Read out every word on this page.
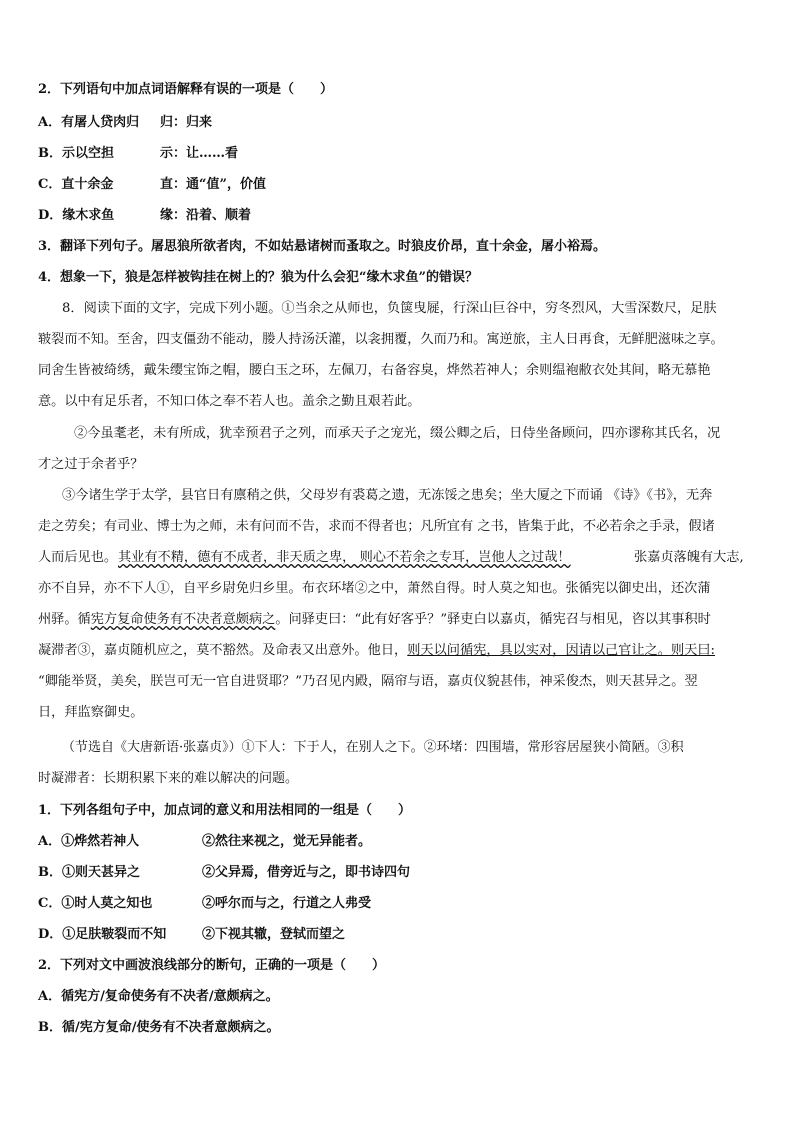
2．下列语句中加点词语解释有误的一项是（　　）
A．有屠人贷肉归 归：归来
B．示以空担	示：让……看
C．直十余金	直：通“值”，价值
D．缘木求鱼	缘：沿着、顺着
3．翻译下列句子。屠思狼所欲者肉，不如姑悬诸树而蚤取之。时狼皮价昂，直十余金，屠小裕焉。
4．想象一下，狼是怎样被钩挂在树上的？狼为什么会犯“缘木求鱼”的错误？
8．阅读下面的文字，完成下列小题。①当余之从师也，负箧曳屣，行深山巨谷中，穷冬烈风，大雪深数尺，足肤
皲裂而不知。至舍，四支僵劲不能动，媵人持汤沃灌，以衾拥覆，久而乃和。寓逆旅，主人日再食，无鲜肥滋味之享。
同舍生皆被绮绣，戴朱缨宝饰之帽，腰白玉之环，左佩刀，右备容臭，烨然若神人；余则缊袍敝衣处其间，略无慕艳
意。以中有足乐者，不知口体之奉不若人也。盖余之勤且艰若此。
②今虽耄老，未有所成，犹幸预君子之列，而承天子之宠光，缀公卿之后，日侍坐备顾问，四亦谬称其氏名，况
才之过于余者乎？
③今诸生学于太学，县官日有廪稍之供，父母岁有裘葛之遗，无冻馁之患矣；坐大厦之下而诵 《诗》《书》，无奔
走之劳矣；有司业、博士为之师，未有问而不告，求而不得者也；凡所宜有 之书，皆集于此，不必若余之手录，假诸
人而后见也。 其业有不精，德有不成者，非天质之卑， 则心不若余之专耳，岂他人之过哉！	张嘉贞落魄有大志,
亦不自异，亦不下人①，自平乡尉免归乡里。布衣环堵②之中，萧然自得。时人莫之知也。张循宪以御史出，还次蒲
州驿。循宪方复命使务有不决者意颇病之。问驿吏曰：“此有好客乎？”驿吏白以嘉贞，循宪召与相见，咨以其事积时
凝滞者③，嘉贞随机应之，莫不豁然。及命表又出意外。他日，则天以问循宪，具以实对，因请以己官让之。则天曰:
“卿能举贤，美矣，朕岂可无一官自进贤耶？”乃召见内殿，隔帘与语，嘉贞仪貌甚伟，神采俊杰，则天甚异之。翌
日，拜监察御史。
（节选自《大唐新语·张嘉贞》）①下人：下于人，在别人之下。②环堵：四围墙，常形容居屋狭小简陋。③积
时凝滞者：长期积累下来的难以解决的问题。
1．下列各组句子中，加点词的意义和用法相同的一组是（　　）
A．①烨然若神人	②然往来视之，觉无异能者。
B．①则天甚异之	②父异焉，借旁近与之，即书诗四句
C．①时人莫之知也	②呼尔而与之，行道之人弗受
D．①足肤皲裂而不知	②下视其辙，登轼而望之
2．下列对文中画波浪线部分的断句，正确的一项是（　　）
A．循宪方/复命使务有不决者/意颇病之。
B．循/宪方复命/使务有不决者意颇病之。
